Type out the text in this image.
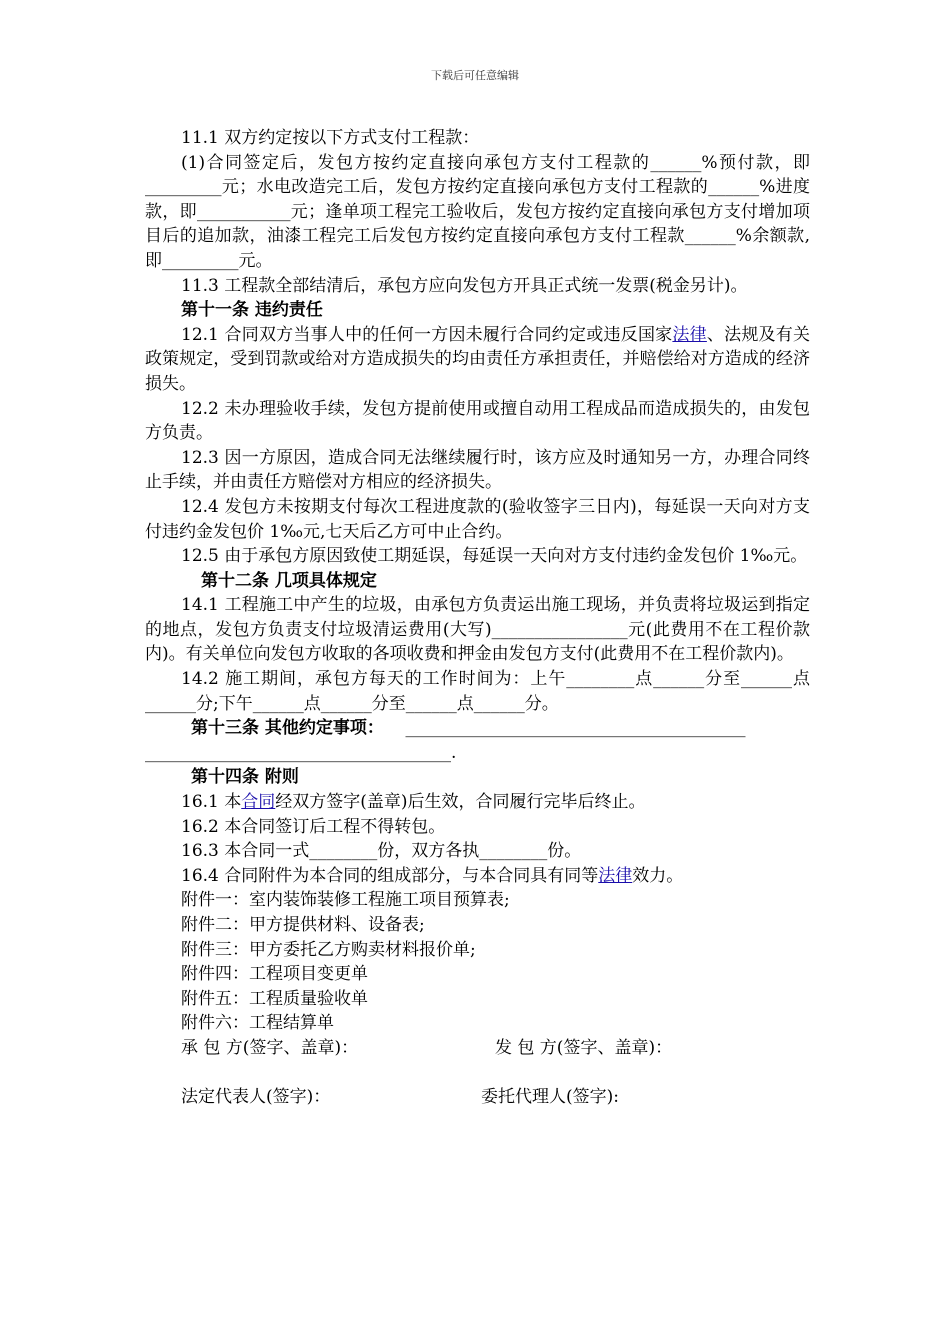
下载后可任意编辑

11.1 双方约定按以下方式支付工程款：

(1)合同签定后，发包方按约定直接向承包方支付工程款的______%预付款，即_________元；水电改造完工后，发包方按约定直接向承包方支付工程款的______%进度款，即___________元；逢单项工程完工验收后，发包方按约定直接向承包方支付增加项目后的追加款，油漆工程完工后发包方按约定直接向承包方支付工程款______%余额款,即_________元。

11.3 工程款全部结清后，承包方应向发包方开具正式统一发票(税金另计)。

第十一条 违约责任

12.1 合同双方当事人中的任何一方因未履行合同约定或违反国家法律、法规及有关政策规定，受到罚款或给对方造成损失的均由责任方承担责任，并赔偿给对方造成的经济损失。

12.2 未办理验收手续，发包方提前使用或擅自动用工程成品而造成损失的，由发包方负责。

12.3 因一方原因，造成合同无法继续履行时，该方应及时通知另一方，办理合同终止手续，并由责任方赔偿对方相应的经济损失。

12.4 发包方未按期支付每次工程进度款的(验收签字三日内)，每延误一天向对方支付违约金发包价 1‰元,七天后乙方可中止合约。

12.5 由于承包方原因致使工期延误，每延误一天向对方支付违约金发包价 1‰元。

第十二条 几项具体规定

14.1 工程施工中产生的垃圾，由承包方负责运出施工现场，并负责将垃圾运到指定的地点，发包方负责支付垃圾清运费用(大写)________________元(此费用不在工程价款内)。有关单位向发包方收取的各项收费和押金由发包方支付(此费用不在工程价款内)。

14.2 施工期间，承包方每天的工作时间为：上午________点______分至______点______分;下午______点______分至______点______分。

第十三条 其他约定事项： ________________________________________

____________________________________.

第十四条 附则

16.1 本合同经双方签字(盖章)后生效，合同履行完毕后终止。

16.2 本合同签订后工程不得转包。

16.3 本合同一式________份，双方各执________份。

16.4 合同附件为本合同的组成部分，与本合同具有同等法律效力。

附件一：室内装饰装修工程施工项目预算表;

附件二：甲方提供材料、设备表;

附件三：甲方委托乙方购卖材料报价单;

附件四：工程项目变更单

附件五：工程质量验收单

附件六：工程结算单

承 包 方(签字、盖章)：	发 包 方(签字、盖章)：

法定代表人(签字)：	委托代理人(签字):
